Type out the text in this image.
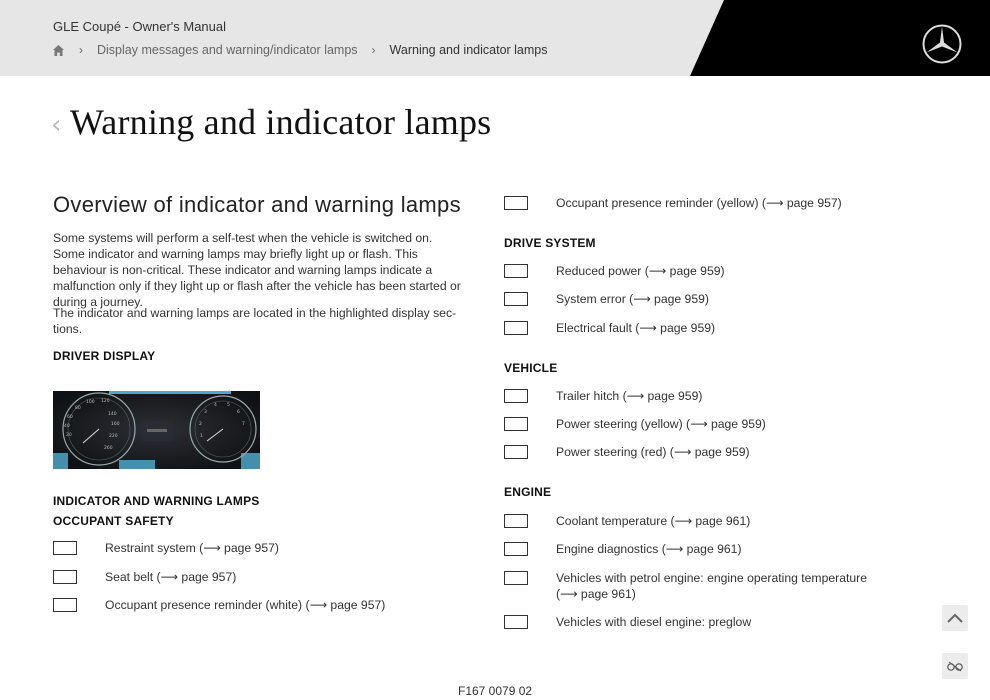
GLE Coupé - Owner's Manual
›	Display messages and warning/indicator lamps	›	Warning and indicator lamps
‹ Warning and indicator lamps
Overview of indicator and warning lamps

Some systems will perform a self-test when the vehicle is switched on. Some indicator and warning lamps may briefly light up or flash. This behaviour is non-critical. These indicator and warning lamps indicate a malfunction only if they light up or flash after the vehicle has been started or during a journey.

The indicator and warning lamps are located in the highlighted display sec-tions.

DRIVER DISPLAY
20
40
60
80
100 120
140
160
220
260
1
2
3
4 5
6
7
INDICATOR AND WARNING LAMPS
OCCUPANT SAFETY
Restraint system (⟶ page 957)
Seat belt (⟶ page 957)
Occupant presence reminder (white) (⟶ page 957)
Occupant presence reminder (yellow) (⟶ page 957)
DRIVE SYSTEM
Reduced power (⟶ page 959)
System error (⟶ page 959)
Electrical fault (⟶ page 959)
VEHICLE
Trailer hitch (⟶ page 959)
Power steering (yellow) (⟶ page 959)
Power steering (red) (⟶ page 959)
ENGINE
Coolant temperature (⟶ page 961)
Engine diagnostics (⟶ page 961)
Vehicles with petrol engine: engine operating temperature (⟶ page 961)
Vehicles with diesel engine: preglow
F167 0079 02
